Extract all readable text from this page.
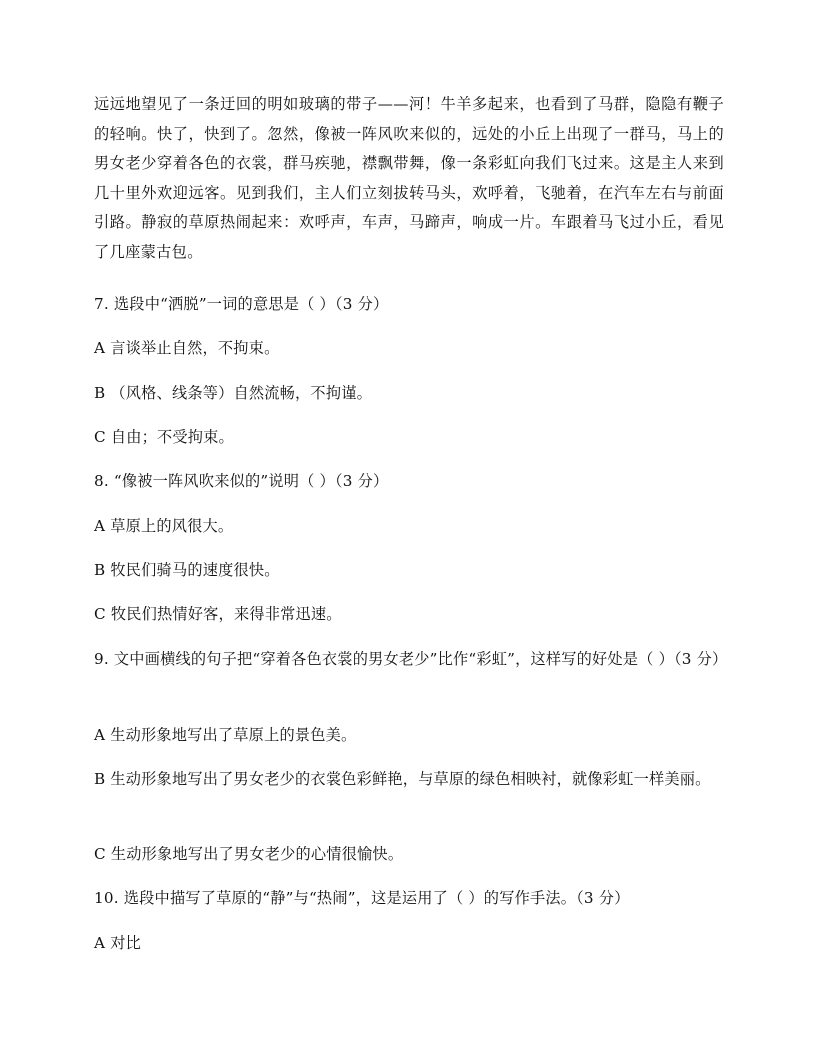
远远地望见了一条迂回的明如玻璃的带子——河！牛羊多起来，也看到了马群，隐隐有鞭子的轻响。快了，快到了。忽然，像被一阵风吹来似的，远处的小丘上出现了一群马，马上的男女老少穿着各色的衣裳，群马疾驰，襟飘带舞，像一条彩虹向我们飞过来。这是主人来到几十里外欢迎远客。见到我们，主人们立刻拔转马头，欢呼着，飞驰着，在汽车左右与前面引路。静寂的草原热闹起来：欢呼声，车声，马蹄声，响成一片。车跟着马飞过小丘，看见了几座蒙古包。

7. 选段中“洒脱”一词的意思是（ ）（3 分）

A 言谈举止自然，不拘束。

B （风格、线条等）自然流畅，不拘谨。

C 自由；不受拘束。

8. “像被一阵风吹来似的”说明（ ）（3 分）

A 草原上的风很大。

B 牧民们骑马的速度很快。

C 牧民们热情好客，来得非常迅速。

9. 文中画横线的句子把“穿着各色衣裳的男女老少”比作“彩虹”，这样写的好处是（ ）（3 分）

A 生动形象地写出了草原上的景色美。

B 生动形象地写出了男女老少的衣裳色彩鲜艳，与草原的绿色相映衬，就像彩虹一样美丽。

C 生动形象地写出了男女老少的心情很愉快。

10. 选段中描写了草原的“静”与“热闹”，这是运用了（ ）的写作手法。（3 分）

A 对比
